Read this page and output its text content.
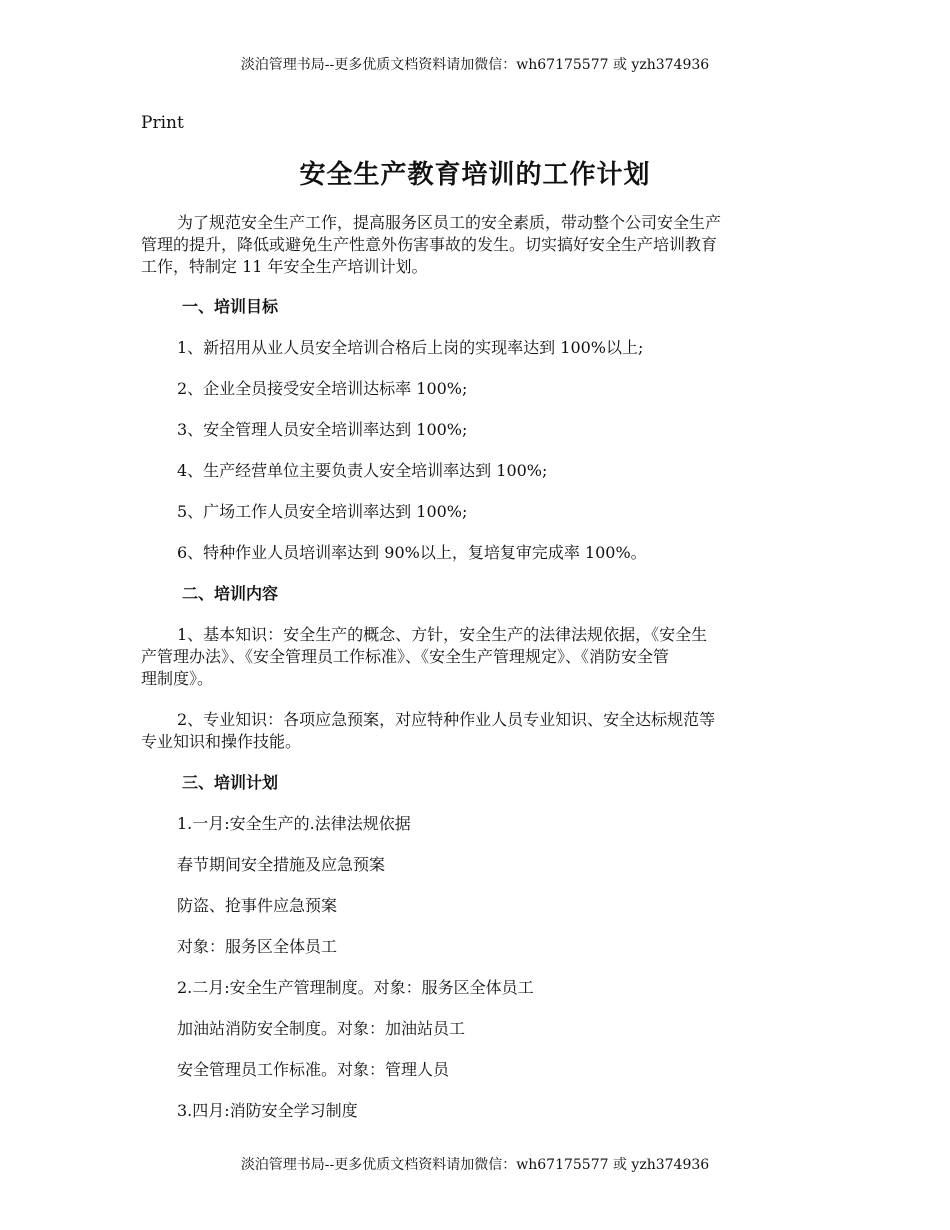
淡泊管理书局--更多优质文档资料请加微信：wh67175577 或 yzh374936
Print
安全生产教育培训的工作计划

为了规范安全生产工作，提高服务区员工的安全素质，带动整个公司安全生产

管理的提升，降低或避免生产性意外伤害事故的发生。切实搞好安全生产培训教育

工作，特制定 11 年安全生产培训计划。

一、培训目标

1、新招用从业人员安全培训合格后上岗的实现率达到 100%以上;

2、企业全员接受安全培训达标率 100%;

3、安全管理人员安全培训率达到 100%;

4、生产经营单位主要负责人安全培训率达到 100%;

5、广场工作人员安全培训率达到 100%;

6、特种作业人员培训率达到 90%以上，复培复审完成率 100%。

二、培训内容

1、基本知识：安全生产的概念、方针，安全生产的法律法规依据，《安全生

产管理办法》、《安全管理员工作标准》、《安全生产管理规定》、《消防安全管

理制度》。

2、专业知识：各项应急预案，对应特种作业人员专业知识、安全达标规范等

专业知识和操作技能。

三、培训计划

1.一月:安全生产的.法律法规依据

春节期间安全措施及应急预案

防盗、抢事件应急预案

对象：服务区全体员工

2.二月:安全生产管理制度。对象：服务区全体员工

加油站消防安全制度。对象：加油站员工

安全管理员工作标准。对象：管理人员

3.四月:消防安全学习制度

淡泊管理书局--更多优质文档资料请加微信：wh67175577 或 yzh374936
